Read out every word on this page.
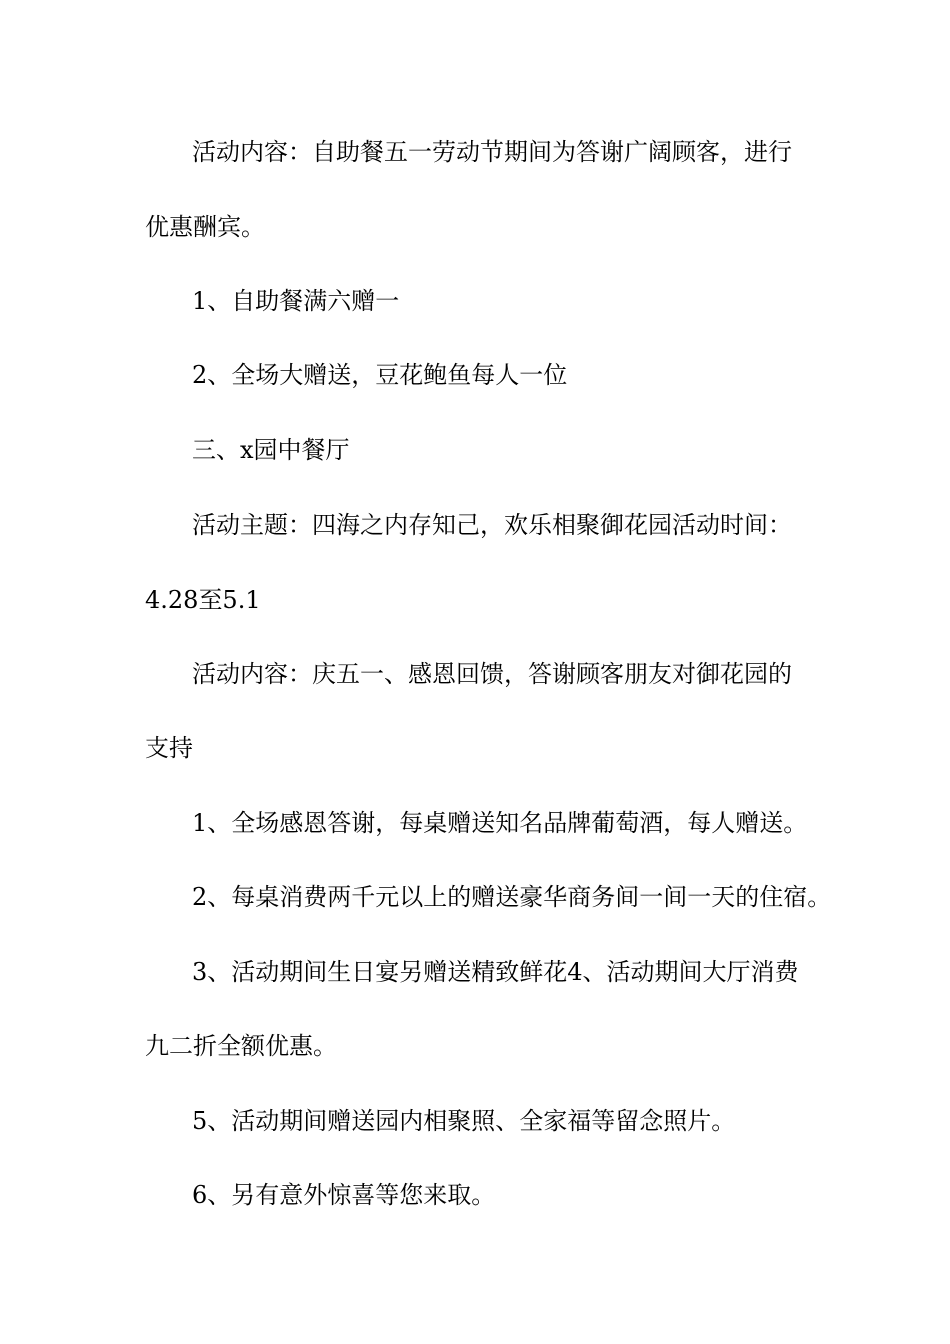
活动内容：自助餐五一劳动节期间为答谢广阔顾客，进行
优惠酬宾。
1、自助餐满六赠一
2、全场大赠送，豆花鲍鱼每人一位
三、x园中餐厅
活动主题：四海之内存知己，欢乐相聚御花园活动时间：
4.28至5.1
活动内容：庆五一、感恩回馈，答谢顾客朋友对御花园的
支持
1、全场感恩答谢，每桌赠送知名品牌葡萄酒，每人赠送。
2、每桌消费两千元以上的赠送豪华商务间一间一天的住宿。
3、活动期间生日宴另赠送精致鲜花4、活动期间大厅消费
九二折全额优惠。
5、活动期间赠送园内相聚照、全家福等留念照片。
6、另有意外惊喜等您来取。
